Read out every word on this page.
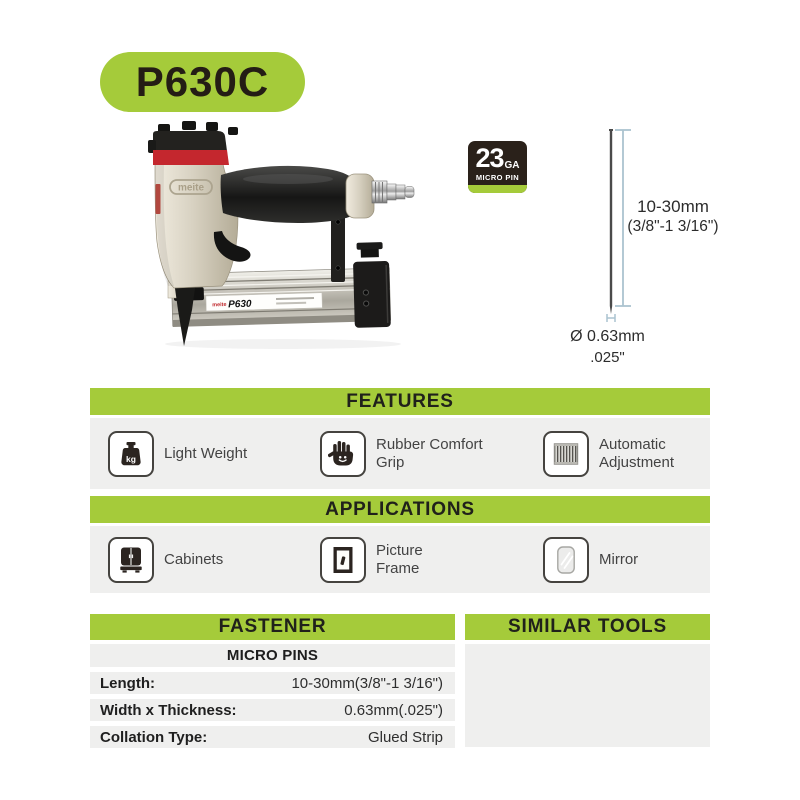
P630C
meite P630
meite
23 GA
MICRO PIN
10-30mm
(3/8"-1 3/16")
Ø 0.63mm
.025"
FEATURES
kg Light Weight
Rubber Comfort
Grip
Automatic
Adjustment
APPLICATIONS
Cabinets
Picture
Frame
Mirror
FASTENER
MICRO PINS
Length:	10-30mm(3/8"-1 3/16")
Width x Thickness:	0.63mm(.025")
Collation Type:	Glued Strip
SIMILAR TOOLS
